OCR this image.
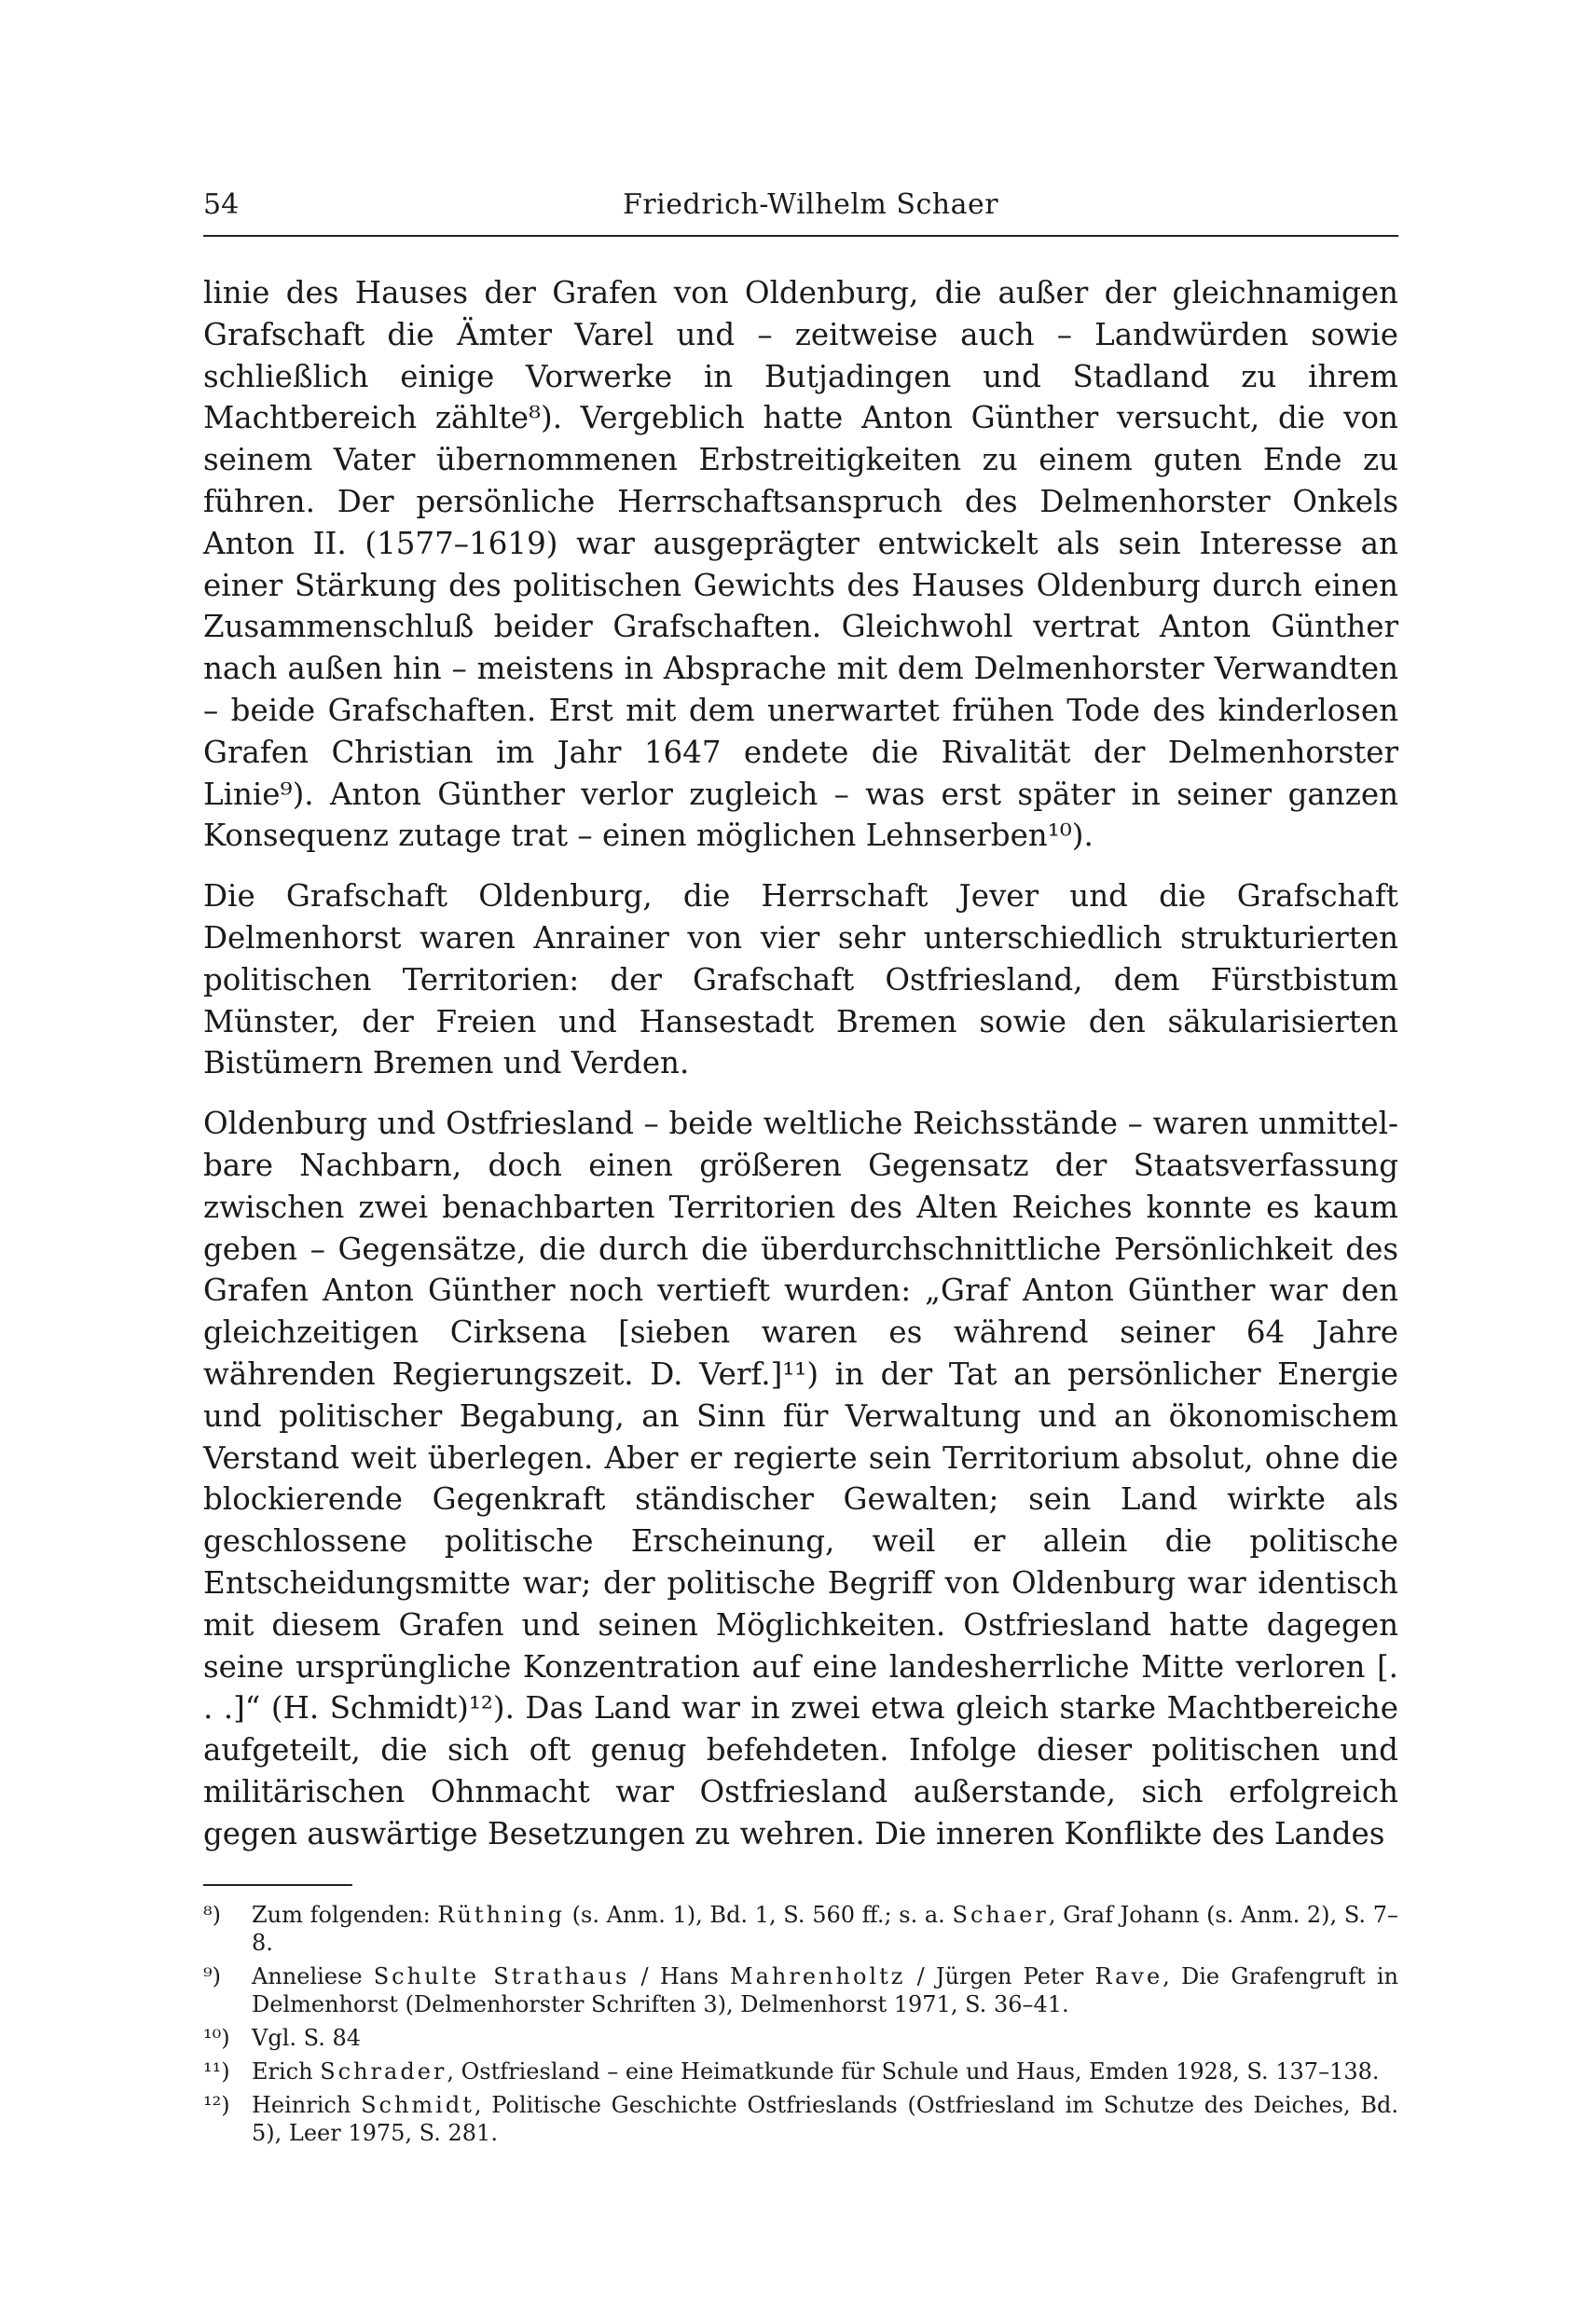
54	Friedrich-Wilhelm Schaer

linie des Hauses der Grafen von Oldenburg, die außer der gleichnamigen Grafschaft die Ämter Varel und – zeitweise auch – Landwürden sowie schließlich einige Vorwerke in Butjadingen und Stadland zu ihrem Machtbereich zählte⁸). Vergeblich hatte Anton Günther versucht, die von seinem Vater übernommenen Erbstreitigkeiten zu einem guten Ende zu führen. Der persönliche Herrschaftsanspruch des Delmenhorster Onkels Anton II. (1577–1619) war ausgeprägter entwickelt als sein Interesse an einer Stärkung des politischen Gewichts des Hauses Oldenburg durch einen Zusammenschluß beider Grafschaften. Gleichwohl vertrat Anton Günther nach außen hin – meistens in Absprache mit dem Delmenhorster Verwandten – beide Grafschaften. Erst mit dem unerwartet frühen Tode des kinderlosen Grafen Christian im Jahr 1647 endete die Rivalität der Delmenhorster Linie⁹). Anton Günther verlor zugleich – was erst später in seiner ganzen Konsequenz zutage trat – einen möglichen Lehnserben¹⁰).

Die Grafschaft Oldenburg, die Herrschaft Jever und die Grafschaft Delmenhorst waren Anrainer von vier sehr unterschiedlich strukturierten politischen Territorien: der Grafschaft Ostfriesland, dem Fürstbistum Münster, der Freien und Hansestadt Bremen sowie den säkularisierten Bistümern Bremen und Verden.

Oldenburg und Ostfriesland – beide weltliche Reichsstände – waren unmittelbare Nachbarn, doch einen größeren Gegensatz der Staatsverfassung zwischen zwei benachbarten Territorien des Alten Reiches konnte es kaum geben – Gegensätze, die durch die überdurchschnittliche Persönlichkeit des Grafen Anton Günther noch vertieft wurden: „Graf Anton Günther war den gleichzeitigen Cirksena [sieben waren es während seiner 64 Jahre währenden Regierungszeit. D. Verf.]¹¹) in der Tat an persönlicher Energie und politischer Begabung, an Sinn für Verwaltung und an ökonomischem Verstand weit überlegen. Aber er regierte sein Territorium absolut, ohne die blockierende Gegenkraft ständischer Gewalten; sein Land wirkte als geschlossene politische Erscheinung, weil er allein die politische Entscheidungsmitte war; der politische Begriff von Oldenburg war identisch mit diesem Grafen und seinen Möglichkeiten. Ostfriesland hatte dagegen seine ursprüngliche Konzentration auf eine landesherrliche Mitte verloren [. . .]“ (H. Schmidt)¹²). Das Land war in zwei etwa gleich starke Machtbereiche aufgeteilt, die sich oft genug befehdeten. Infolge dieser politischen und militärischen Ohnmacht war Ostfriesland außerstande, sich erfolgreich gegen auswärtige Besetzungen zu wehren. Die inneren Konflikte des Landes

⁸) Zum folgenden: Rüthning (s. Anm. 1), Bd. 1, S. 560 ff.; s. a. Schaer, Graf Johann (s. Anm. 2), S. 7–8.
⁹) Anneliese Schulte Strathaus / Hans Mahrenholtz / Jürgen Peter Rave, Die Grafengruft in Delmenhorst (Delmenhorster Schriften 3), Delmenhorst 1971, S. 36–41.
¹⁰) Vgl. S. 84
¹¹) Erich Schrader, Ostfriesland – eine Heimatkunde für Schule und Haus, Emden 1928, S. 137–138.
¹²) Heinrich Schmidt, Politische Geschichte Ostfrieslands (Ostfriesland im Schutze des Deiches, Bd. 5), Leer 1975, S. 281.
